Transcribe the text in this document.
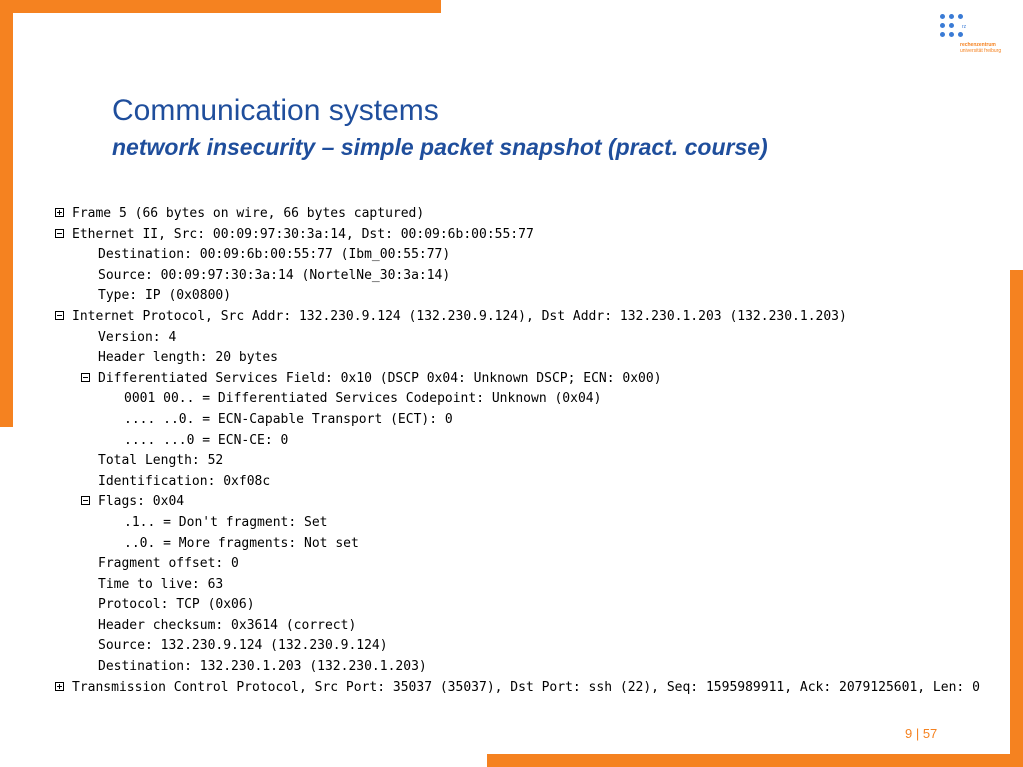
rz
rechenzentrum
universität freiburg
Communication systems
network insecurity – simple packet snapshot (pract. course)
Frame 5 (66 bytes on wire, 66 bytes captured)
Ethernet II, Src: 00:09:97:30:3a:14, Dst: 00:09:6b:00:55:77
Destination: 00:09:6b:00:55:77 (Ibm_00:55:77)
Source: 00:09:97:30:3a:14 (NortelNe_30:3a:14)
Type: IP (0x0800)
Internet Protocol, Src Addr: 132.230.9.124 (132.230.9.124), Dst Addr: 132.230.1.203 (132.230.1.203)
Version: 4
Header length: 20 bytes
Differentiated Services Field: 0x10 (DSCP 0x04: Unknown DSCP; ECN: 0x00)
0001 00.. = Differentiated Services Codepoint: Unknown (0x04)
.... ..0. = ECN-Capable Transport (ECT): 0
.... ...0 = ECN-CE: 0
Total Length: 52
Identification: 0xf08c
Flags: 0x04
.1.. = Don't fragment: Set
..0. = More fragments: Not set
Fragment offset: 0
Time to live: 63
Protocol: TCP (0x06)
Header checksum: 0x3614 (correct)
Source: 132.230.9.124 (132.230.9.124)
Destination: 132.230.1.203 (132.230.1.203)
Transmission Control Protocol, Src Port: 35037 (35037), Dst Port: ssh (22), Seq: 1595989911, Ack: 2079125601, Len: 0
9 | 57
